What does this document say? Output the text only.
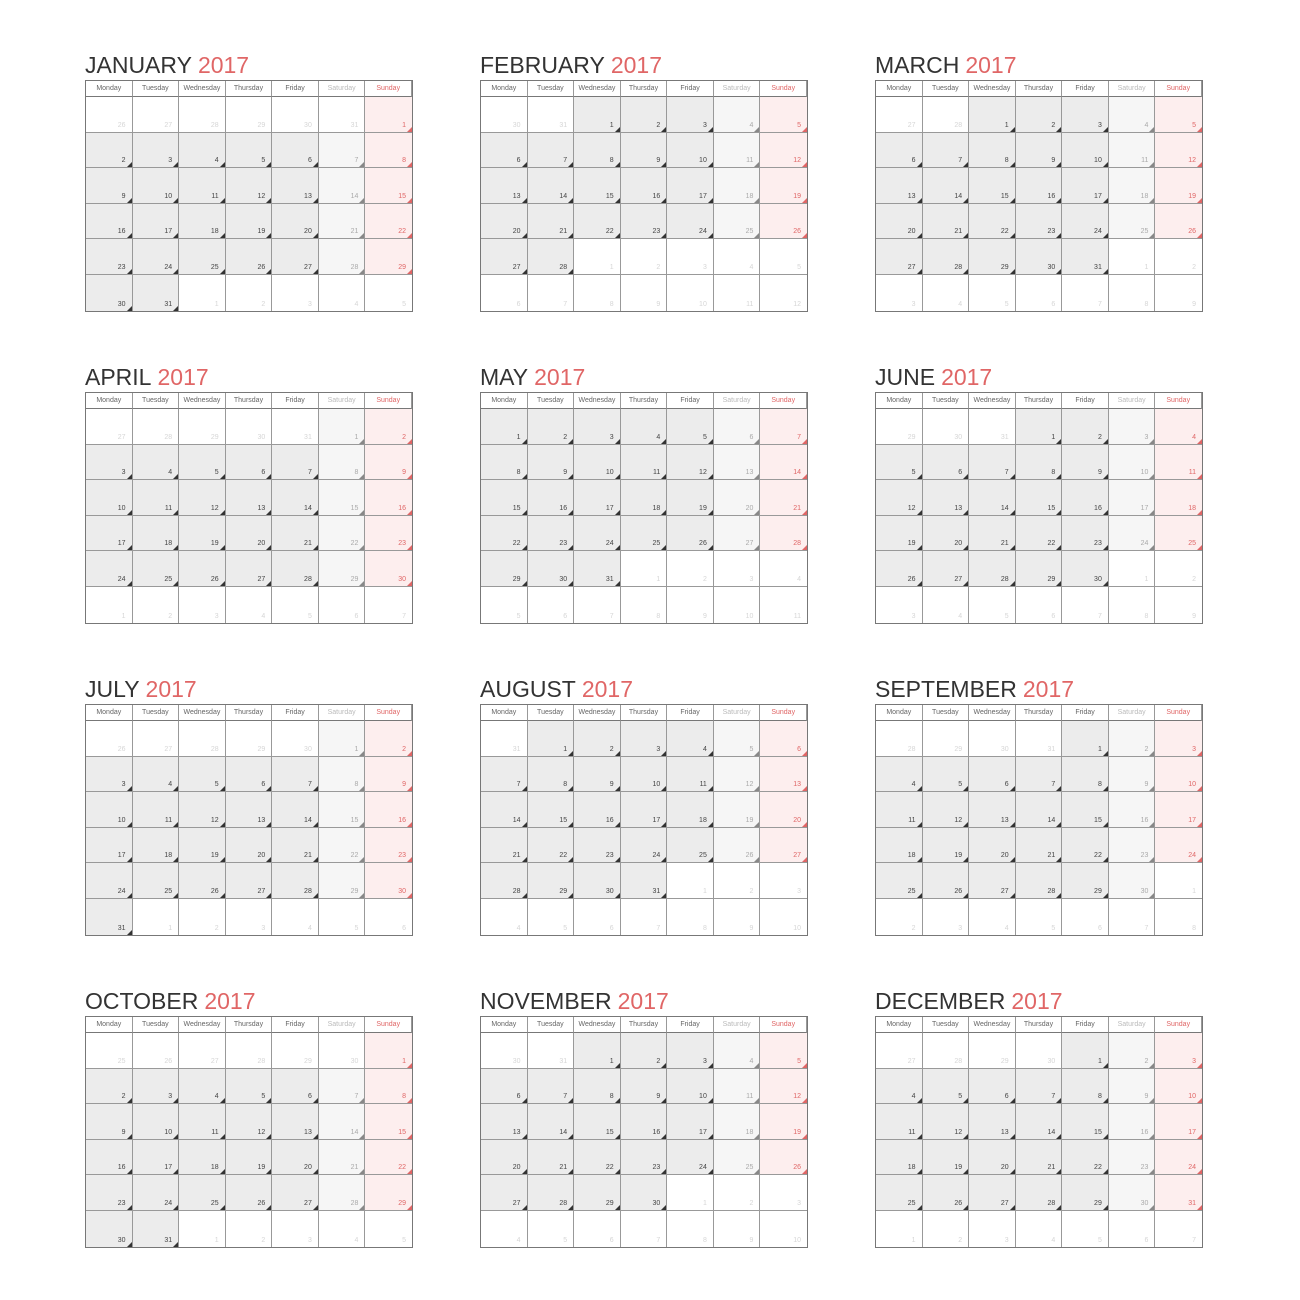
JANUARY 2017
Monday	Tuesday	Wednesday	Thursday	Friday	Saturday	Sunday
26	27	28	29	30	31	1
2	3	4	5	6	7	8
9	10	11	12	13	14	15
16	17	18	19	20	21	22
23	24	25	26	27	28	29
30	31	1	2	3	4	5
FEBRUARY 2017
Monday	Tuesday	Wednesday	Thursday	Friday	Saturday	Sunday
30	31	1	2	3	4	5
6	7	8	9	10	11	12
13	14	15	16	17	18	19
20	21	22	23	24	25	26
27	28	1	2	3	4	5
6	7	8	9	10	11	12
MARCH 2017
Monday	Tuesday	Wednesday	Thursday	Friday	Saturday	Sunday
27	28	1	2	3	4	5
6	7	8	9	10	11	12
13	14	15	16	17	18	19
20	21	22	23	24	25	26
27	28	29	30	31	1	2
3	4	5	6	7	8	9
APRIL 2017
Monday	Tuesday	Wednesday	Thursday	Friday	Saturday	Sunday
27	28	29	30	31	1	2
3	4	5	6	7	8	9
10	11	12	13	14	15	16
17	18	19	20	21	22	23
24	25	26	27	28	29	30
1	2	3	4	5	6	7
MAY 2017
Monday	Tuesday	Wednesday	Thursday	Friday	Saturday	Sunday
1	2	3	4	5	6	7
8	9	10	11	12	13	14
15	16	17	18	19	20	21
22	23	24	25	26	27	28
29	30	31	1	2	3	4
5	6	7	8	9	10	11
JUNE 2017
Monday	Tuesday	Wednesday	Thursday	Friday	Saturday	Sunday
29	30	31	1	2	3	4
5	6	7	8	9	10	11
12	13	14	15	16	17	18
19	20	21	22	23	24	25
26	27	28	29	30	1	2
3	4	5	6	7	8	9
JULY 2017
Monday	Tuesday	Wednesday	Thursday	Friday	Saturday	Sunday
26	27	28	29	30	1	2
3	4	5	6	7	8	9
10	11	12	13	14	15	16
17	18	19	20	21	22	23
24	25	26	27	28	29	30
31	1	2	3	4	5	6
AUGUST 2017
Monday	Tuesday	Wednesday	Thursday	Friday	Saturday	Sunday
31	1	2	3	4	5	6
7	8	9	10	11	12	13
14	15	16	17	18	19	20
21	22	23	24	25	26	27
28	29	30	31	1	2	3
4	5	6	7	8	9	10
SEPTEMBER 2017
Monday	Tuesday	Wednesday	Thursday	Friday	Saturday	Sunday
28	29	30	31	1	2	3
4	5	6	7	8	9	10
11	12	13	14	15	16	17
18	19	20	21	22	23	24
25	26	27	28	29	30	1
2	3	4	5	6	7	8
OCTOBER 2017
Monday	Tuesday	Wednesday	Thursday	Friday	Saturday	Sunday
25	26	27	28	29	30	1
2	3	4	5	6	7	8
9	10	11	12	13	14	15
16	17	18	19	20	21	22
23	24	25	26	27	28	29
30	31	1	2	3	4	5
NOVEMBER 2017
Monday	Tuesday	Wednesday	Thursday	Friday	Saturday	Sunday
30	31	1	2	3	4	5
6	7	8	9	10	11	12
13	14	15	16	17	18	19
20	21	22	23	24	25	26
27	28	29	30	1	2	3
4	5	6	7	8	9	10
DECEMBER 2017
Monday	Tuesday	Wednesday	Thursday	Friday	Saturday	Sunday
27	28	29	30	1	2	3
4	5	6	7	8	9	10
11	12	13	14	15	16	17
18	19	20	21	22	23	24
25	26	27	28	29	30	31
1	2	3	4	5	6	7
